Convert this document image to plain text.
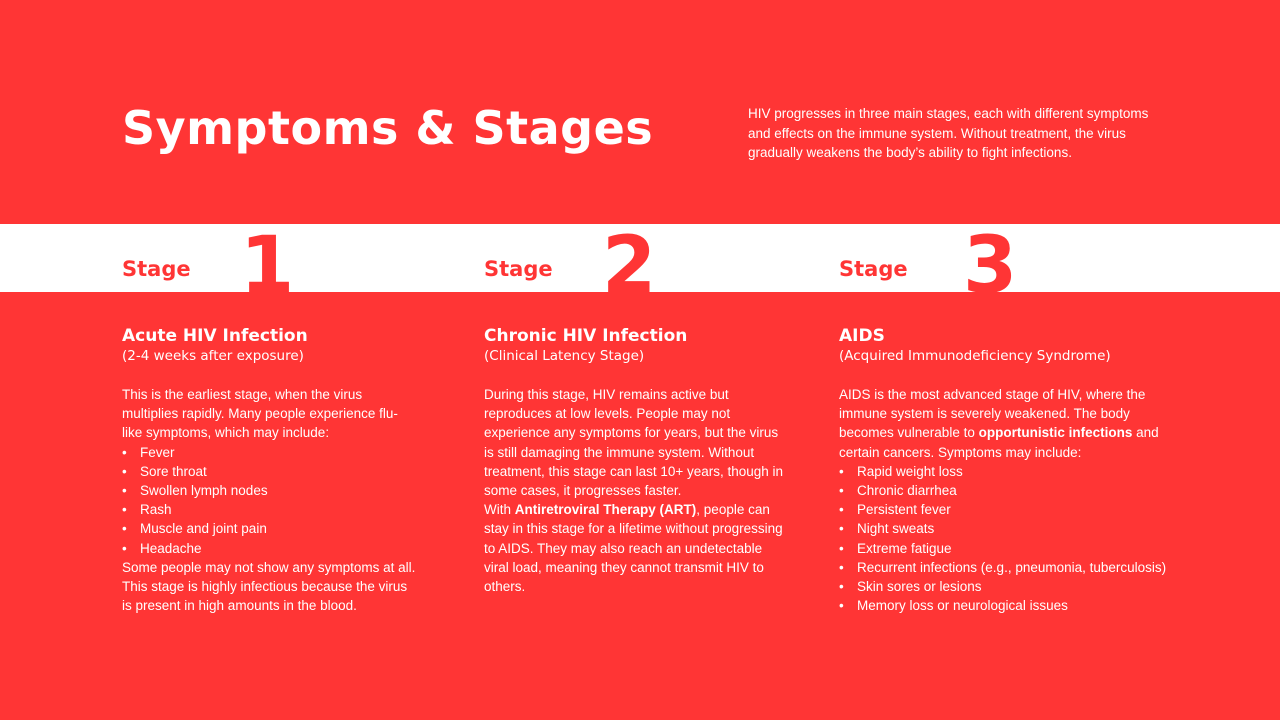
Symptoms & Stages	HIV progresses in three main stages, each with different symptoms and effects on the immune system. Without treatment, the virus gradually weakens the body’s ability to fight infections.

Stage 1	Stage 2	Stage 3
Acute HIV Infection
(2-4 weeks after exposure)

This is the earliest stage, when the virus multiplies rapidly. Many people experience flu-like symptoms, which may include:

• Fever
• Sore throat
• Swollen lymph nodes
• Rash
• Muscle and joint pain
• Headache

Some people may not show any symptoms at all. This stage is highly infectious because the virus is present in high amounts in the blood.

Chronic HIV Infection
(Clinical Latency Stage)

During this stage, HIV remains active but reproduces at low levels. People may not experience any symptoms for years, but the virus is still damaging the immune system. Without treatment, this stage can last 10+ years, though in some cases, it progresses faster.

With Antiretroviral Therapy (ART), people can stay in this stage for a lifetime without progressing to AIDS. They may also reach an undetectable viral load, meaning they cannot transmit HIV to others.

AIDS
(Acquired Immunodeficiency Syndrome)

AIDS is the most advanced stage of HIV, where the immune system is severely weakened. The body becomes vulnerable to opportunistic infections and certain cancers. Symptoms may include:

• Rapid weight loss
• Chronic diarrhea
• Persistent fever
• Night sweats
• Extreme fatigue
• Recurrent infections (e.g., pneumonia, tuberculosis)
• Skin sores or lesions
• Memory loss or neurological issues
